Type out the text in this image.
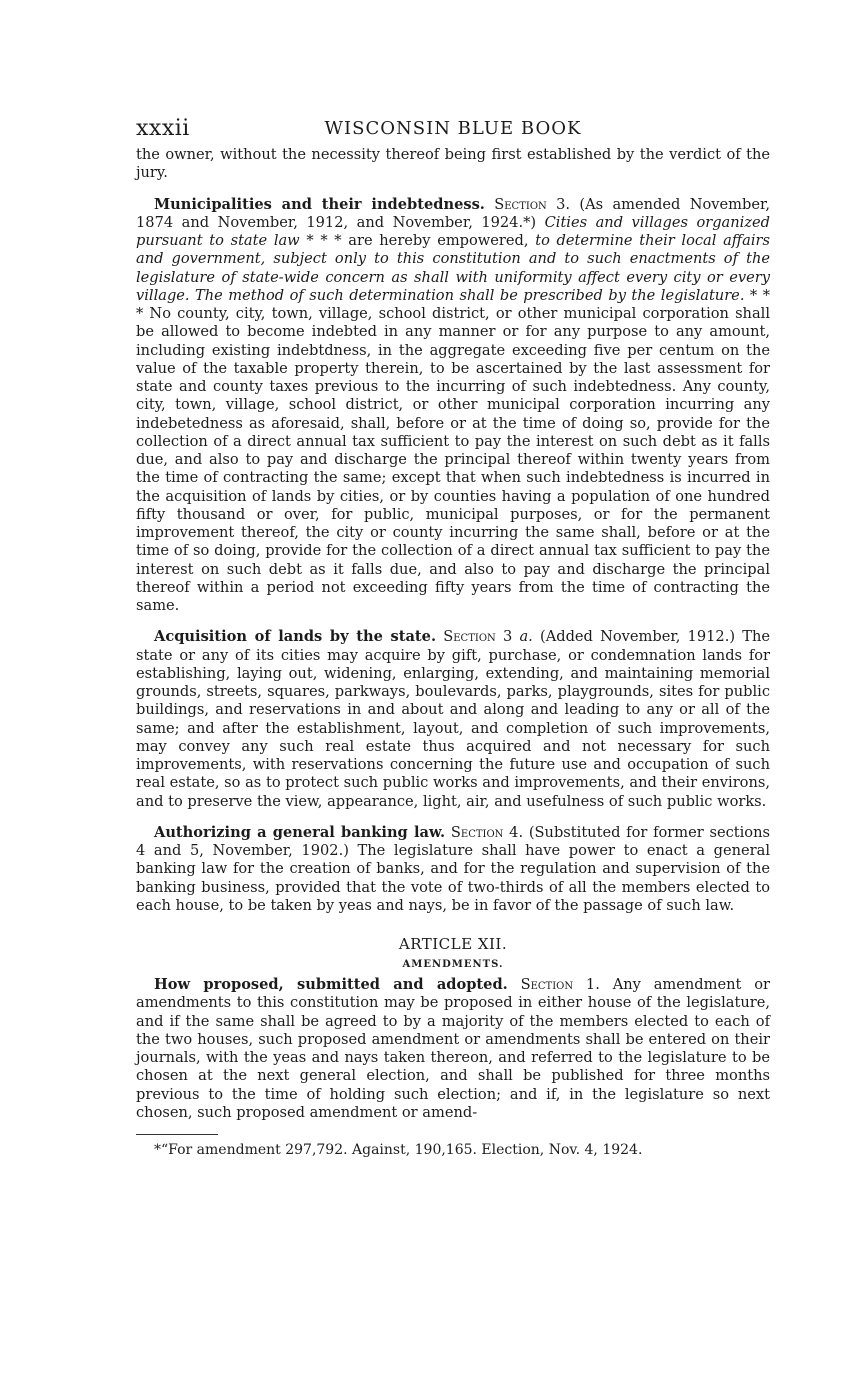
xxxii	WISCONSIN BLUE BOOK

the owner, without the necessity thereof being first established by the verdict of the jury.

Municipalities and their indebtedness. Section 3. (As amended November, 1874 and November, 1912, and November, 1924.*) Cities and villages organized pursuant to state law * * * are hereby empowered, to determine their local affairs and government, subject only to this constitution and to such enactments of the legislature of state-wide concern as shall with uniformity affect every city or every village. The method of such determination shall be prescribed by the legislature. * * * No county, city, town, village, school district, or other municipal corporation shall be allowed to become indebted in any manner or for any purpose to any amount, including existing indebtdness, in the aggregate exceeding five per centum on the value of the taxable property therein, to be ascertained by the last assessment for state and county taxes previous to the incurring of such indebtedness. Any county, city, town, village, school district, or other municipal corporation incurring any indebetedness as aforesaid, shall, before or at the time of doing so, provide for the collection of a direct annual tax sufficient to pay the interest on such debt as it falls due, and also to pay and discharge the principal thereof within twenty years from the time of contracting the same; except that when such indebtedness is incurred in the acquisition of lands by cities, or by counties having a population of one hundred fifty thousand or over, for public, municipal purposes, or for the permanent improvement thereof, the city or county incurring the same shall, before or at the time of so doing, provide for the collection of a direct annual tax sufficient to pay the interest on such debt as it falls due, and also to pay and discharge the principal thereof within a period not exceeding fifty years from the time of contracting the same.

Acquisition of lands by the state. Section 3 a. (Added November, 1912.) The state or any of its cities may acquire by gift, purchase, or condemnation lands for establishing, laying out, widening, enlarging, extending, and maintaining memorial grounds, streets, squares, parkways, boulevards, parks, playgrounds, sites for public buildings, and reservations in and about and along and leading to any or all of the same; and after the establishment, layout, and completion of such improvements, may convey any such real estate thus acquired and not necessary for such improvements, with reservations concerning the future use and occupation of such real estate, so as to protect such public works and improvements, and their environs, and to preserve the view, appearance, light, air, and usefulness of such public works.

Authorizing a general banking law. Section 4. (Substituted for former sections 4 and 5, November, 1902.) The legislature shall have power to enact a general banking law for the creation of banks, and for the regulation and supervision of the banking business, provided that the vote of two-thirds of all the members elected to each house, to be taken by yeas and nays, be in favor of the passage of such law.

ARTICLE XII.
AMENDMENTS.

How proposed, submitted and adopted. Section 1. Any amendment or amendments to this constitution may be proposed in either house of the legislature, and if the same shall be agreed to by a majority of the members elected to each of the two houses, such proposed amendment or amendments shall be entered on their journals, with the yeas and nays taken thereon, and referred to the legislature to be chosen at the next general election, and shall be published for three months previous to the time of holding such election; and if, in the legislature so next chosen, such proposed amendment or amend-

*“For amendment 297,792. Against, 190,165. Election, Nov. 4, 1924.
